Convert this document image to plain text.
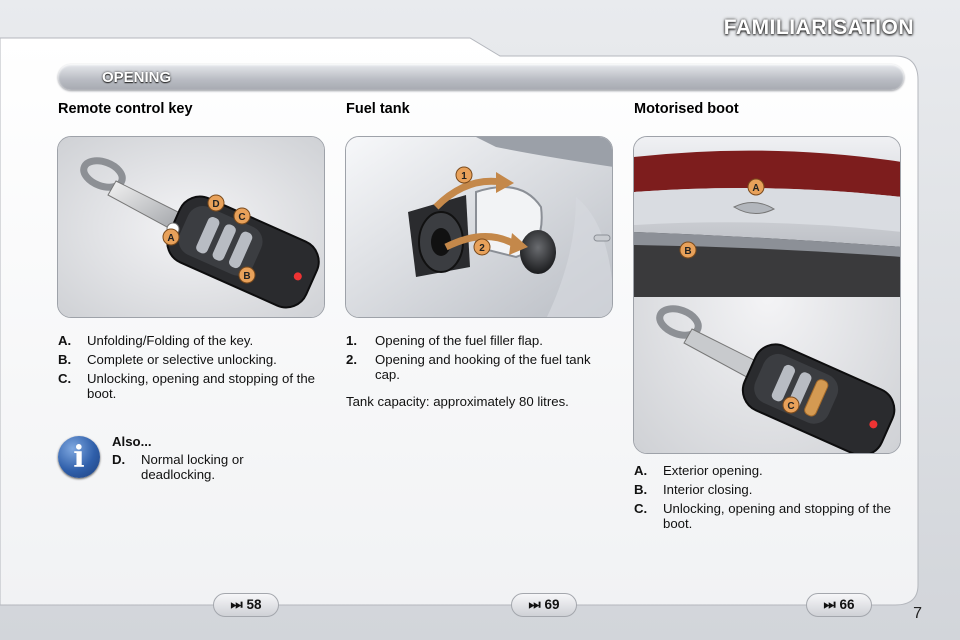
FAMILIARISATION
OPENING
Remote control key
D
C
A
B
A.	Unfolding/Folding of the key.
B.	Complete or selective unlocking.
C.	Unlocking, opening and stopping of the boot.
i	Also...
D.	Normal locking or deadlocking.
Fuel tank
1
2
1.	Opening of the fuel filler flap.
2.	Opening and hooking of the fuel tank cap.
Tank capacity: approximately 80 litres.
Motorised boot
A
B
C
A.	Exterior opening.
B.	Interior closing.
C.	Unlocking, opening and stopping of the boot.
⏭ 58	⏭ 69	⏭ 66
7
